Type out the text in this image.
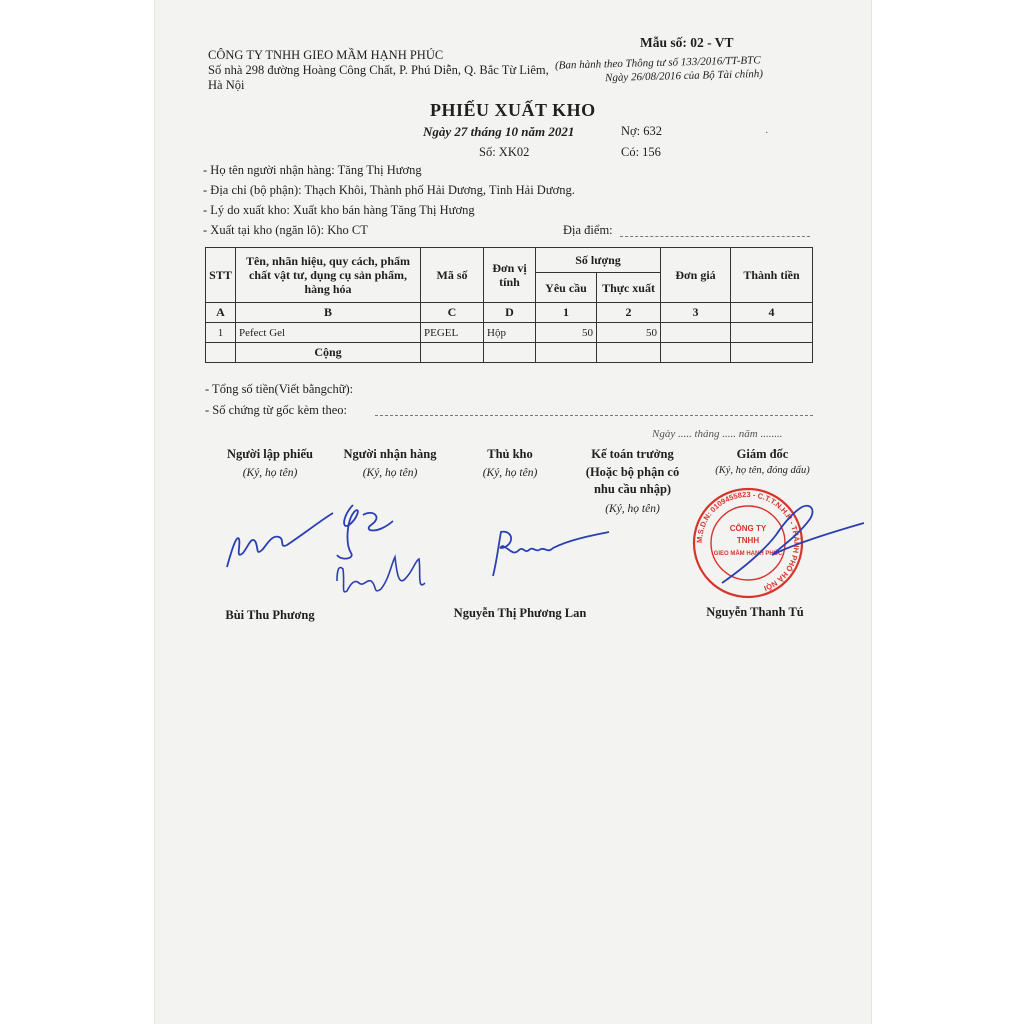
CÔNG TY TNHH GIEO MẦM HẠNH PHÚC
Số nhà 298 đường Hoàng Công Chất, P. Phú Diễn, Q. Bắc Từ Liêm,
Hà Nội
Mẫu số: 02 - VT
(Ban hành theo Thông tư số 133/2016/TT-BTC
Ngày 26/08/2016 của Bộ Tài chính)
PHIẾU XUẤT KHO
Ngày 27 tháng 10 năm 2021	Nợ: 632
Số: XK02	Có: 156
- Họ tên người nhận hàng: Tăng Thị Hương
- Địa chỉ (bộ phận): Thạch Khôi, Thành phố Hải Dương, Tỉnh Hải Dương.
- Lý do xuất kho: Xuất kho bán hàng Tăng Thị Hương
- Xuất tại kho (ngăn lô): Kho CT	Địa điểm:
STT	Tên, nhãn hiệu, quy cách, phẩm chất vật tư, dụng cụ sản phẩm, hàng hóa	Mã số	Đơn vị tính	Số lượng		Đơn giá	Thành tiền
				Yêu cầu	Thực xuất		
A	B	C	D	1	2	3	4
1	Pefect Gel	PEGEL	Hộp	50	50		
	Cộng						
- Tổng số tiền(Viết bằngchữ):
- Số chứng từ gốc kèm theo:
Ngày ..... tháng ..... năm ........
Người lập phiếu
(Ký, họ tên)
Người nhận hàng
(Ký, họ tên)
Thủ kho
(Ký, họ tên)
Kế toán trưởng
(Hoặc bộ phận có
nhu cầu nhập)
(Ký, họ tên)
Giám đốc
(Ký, họ tên, đóng dấu)
M.S.D.N: 0109455823 - C.T.T.N.H.H - THÀNH PHỐ HÀ NỘI
CÔNG TY
TNHH
GIEO MẦM HẠNH PHÚC
Bùi Thu Phương	Nguyễn Thị Phương Lan	Nguyễn Thanh Tú
·
